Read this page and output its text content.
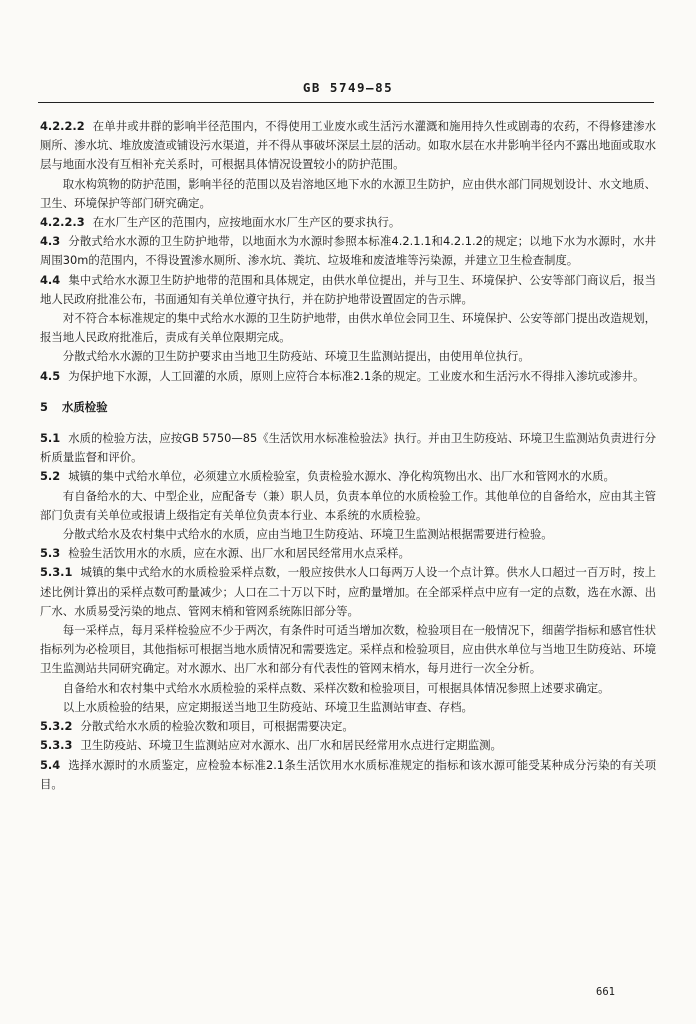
GB 5749—85

4.2.2.2 在单井或井群的影响半径范围内，不得使用工业废水或生活污水灌溉和施用持久性或剧毒的农药，不得修建渗水厕所、渗水坑、堆放废渣或铺设污水渠道，并不得从事破坏深层土层的活动。如取水层在水井影响半径内不露出地面或取水层与地面水没有互相补充关系时，可根据具体情况设置较小的防护范围。

取水构筑物的防护范围，影响半径的范围以及岩溶地区地下水的水源卫生防护，应由供水部门同规划设计、水文地质、卫生、环境保护等部门研究确定。

4.2.2.3 在水厂生产区的范围内，应按地面水水厂生产区的要求执行。

4.3 分散式给水水源的卫生防护地带，以地面水为水源时参照本标准4.2.1.1和4.2.1.2的规定；以地下水为水源时，水井周围30m的范围内，不得设置渗水厕所、渗水坑、粪坑、垃圾堆和废渣堆等污染源，并建立卫生检查制度。

4.4 集中式给水水源卫生防护地带的范围和具体规定，由供水单位提出，并与卫生、环境保护、公安等部门商议后，报当地人民政府批准公布，书面通知有关单位遵守执行，并在防护地带设置固定的告示牌。

对不符合本标准规定的集中式给水水源的卫生防护地带，由供水单位会同卫生、环境保护、公安等部门提出改造规划，报当地人民政府批准后，责成有关单位限期完成。

分散式给水水源的卫生防护要求由当地卫生防疫站、环境卫生监测站提出，由使用单位执行。

4.5 为保护地下水源，人工回灌的水质，原则上应符合本标准2.1条的规定。工业废水和生活污水不得排入渗坑或渗井。

5 水质检验

5.1 水质的检验方法，应按GB 5750—85《生活饮用水标准检验法》执行。并由卫生防疫站、环境卫生监测站负责进行分析质量监督和评价。

5.2 城镇的集中式给水单位，必须建立水质检验室，负责检验水源水、净化构筑物出水、出厂水和管网水的水质。

有自备给水的大、中型企业，应配备专（兼）职人员，负责本单位的水质检验工作。其他单位的自备给水，应由其主管部门负责有关单位或报请上级指定有关单位负责本行业、本系统的水质检验。

分散式给水及农村集中式给水的水质，应由当地卫生防疫站、环境卫生监测站根据需要进行检验。

5.3 检验生活饮用水的水质，应在水源、出厂水和居民经常用水点采样。

5.3.1 城镇的集中式给水的水质检验采样点数，一般应按供水人口每两万人设一个点计算。供水人口超过一百万时，按上述比例计算出的采样点数可酌量减少；人口在二十万以下时，应酌量增加。在全部采样点中应有一定的点数，选在水源、出厂水、水质易受污染的地点、管网末梢和管网系统陈旧部分等。

每一采样点，每月采样检验应不少于两次，有条件时可适当增加次数，检验项目在一般情况下，细菌学指标和感官性状指标列为必检项目，其他指标可根据当地水质情况和需要选定。采样点和检验项目，应由供水单位与当地卫生防疫站、环境卫生监测站共同研究确定。对水源水、出厂水和部分有代表性的管网末梢水，每月进行一次全分析。

自备给水和农村集中式给水水质检验的采样点数、采样次数和检验项目，可根据具体情况参照上述要求确定。

以上水质检验的结果，应定期报送当地卫生防疫站、环境卫生监测站审查、存档。

5.3.2 分散式给水水质的检验次数和项目，可根据需要决定。

5.3.3 卫生防疫站、环境卫生监测站应对水源水、出厂水和居民经常用水点进行定期监测。

5.4 选择水源时的水质鉴定，应检验本标准2.1条生活饮用水水质标准规定的指标和该水源可能受某种成分污染的有关项目。

661
